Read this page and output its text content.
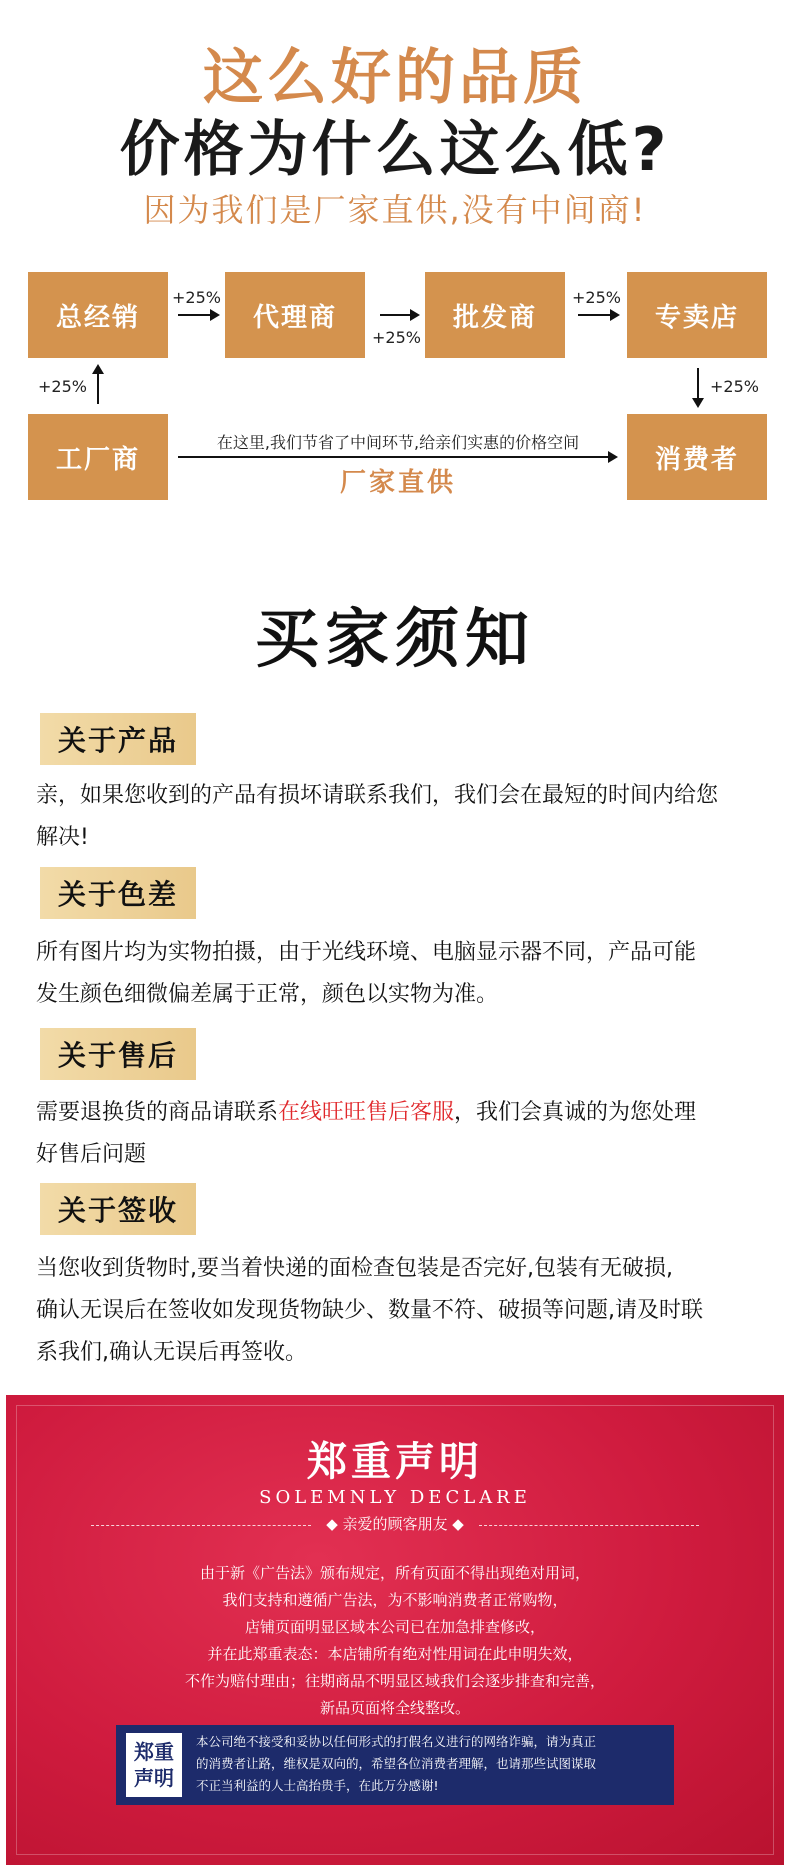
这么好的品质
价格为什么这么低?
因为我们是厂家直供,没有中间商!
总经销	代理商	批发商	专卖店
工厂商	消费者
+25%
+25%
+25%
+25%	+25%
在这里,我们节省了中间环节,给亲们实惠的价格空间
厂家直供
买家须知
关于产品
亲，如果您收到的产品有损坏请联系我们，我们会在最短的时间内给您
解决!
关于色差
所有图片均为实物拍摄，由于光线环境、电脑显示器不同，产品可能
发生颜色细微偏差属于正常，颜色以实物为准。
关于售后
需要退换货的商品请联系在线旺旺售后客服，我们会真诚的为您处理
好售后问题
关于签收
当您收到货物时,要当着快递的面检查包装是否完好,包装有无破损,
确认无误后在签收如发现货物缺少、数量不符、破损等问题,请及时联
系我们,确认无误后再签收。
郑重声明
SOLEMNLY DECLARE
◆ 亲爱的顾客朋友 ◆
由于新《广告法》颁布规定，所有页面不得出现绝对用词，
我们支持和遵循广告法，为不影响消费者正常购物，
店铺页面明显区域本公司已在加急排查修改，
并在此郑重表态：本店铺所有绝对性用词在此申明失效，
不作为赔付理由；往期商品不明显区域我们会逐步排查和完善，
新品页面将全线整改。
郑重
声明
本公司绝不接受和妥协以任何形式的打假名义进行的网络诈骗，请为真正
的消费者让路，维权是双向的，希望各位消费者理解，也请那些试图谋取
不正当利益的人士高抬贵手，在此万分感谢!
